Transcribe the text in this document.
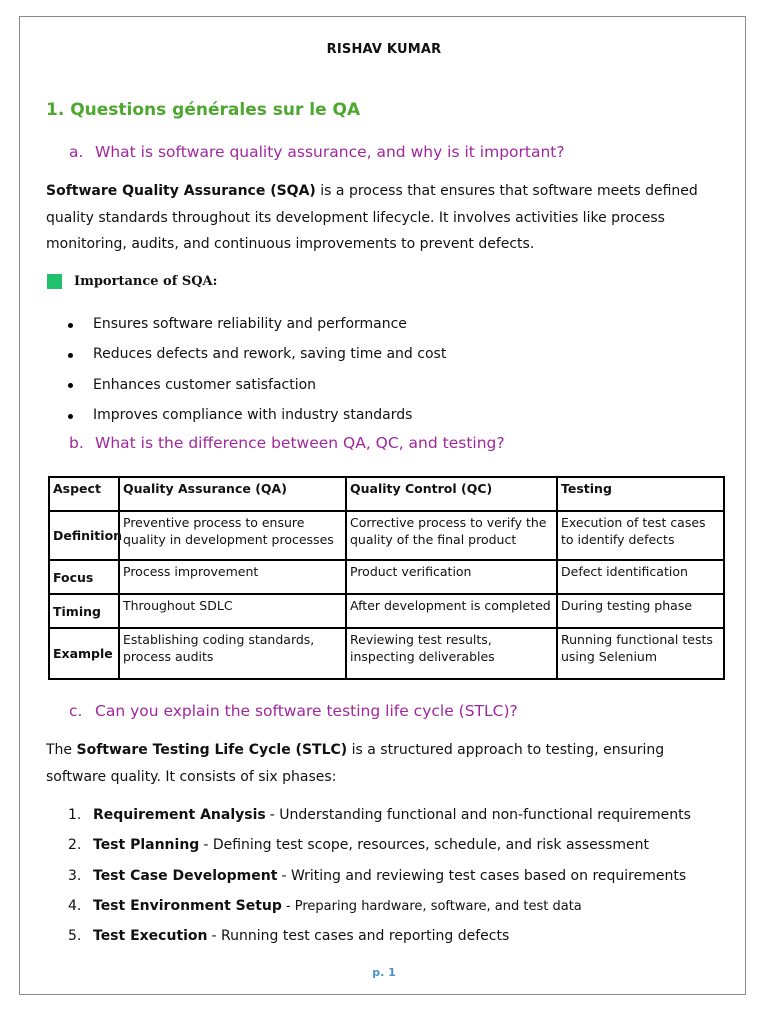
RISHAV KUMAR
1. Questions générales sur le QA
a. What is software quality assurance, and why is it important?
Software Quality Assurance (SQA) is a process that ensures that software meets defined quality standards throughout its development lifecycle. It involves activities like process monitoring, audits, and continuous improvements to prevent defects.
Importance of SQA:
Ensures software reliability and performance
Reduces defects and rework, saving time and cost
Enhances customer satisfaction
Improves compliance with industry standards
b. What is the difference between QA, QC, and testing?
Aspect	Quality Assurance (QA)	Quality Control (QC)	Testing
Definition	Preventive process to ensure quality in development processes	Corrective process to verify the quality of the final product	Execution of test cases to identify defects
Focus	Process improvement	Product verification	Defect identification
Timing	Throughout SDLC	After development is completed	During testing phase
Example	Establishing coding standards, process audits	Reviewing test results, inspecting deliverables	Running functional tests using Selenium
c. Can you explain the software testing life cycle (STLC)?
The Software Testing Life Cycle (STLC) is a structured approach to testing, ensuring software quality. It consists of six phases:
1. Requirement Analysis - Understanding functional and non-functional requirements
2. Test Planning - Defining test scope, resources, schedule, and risk assessment
3. Test Case Development - Writing and reviewing test cases based on requirements
4. Test Environment Setup - Preparing hardware, software, and test data
5. Test Execution - Running test cases and reporting defects
p. 1
